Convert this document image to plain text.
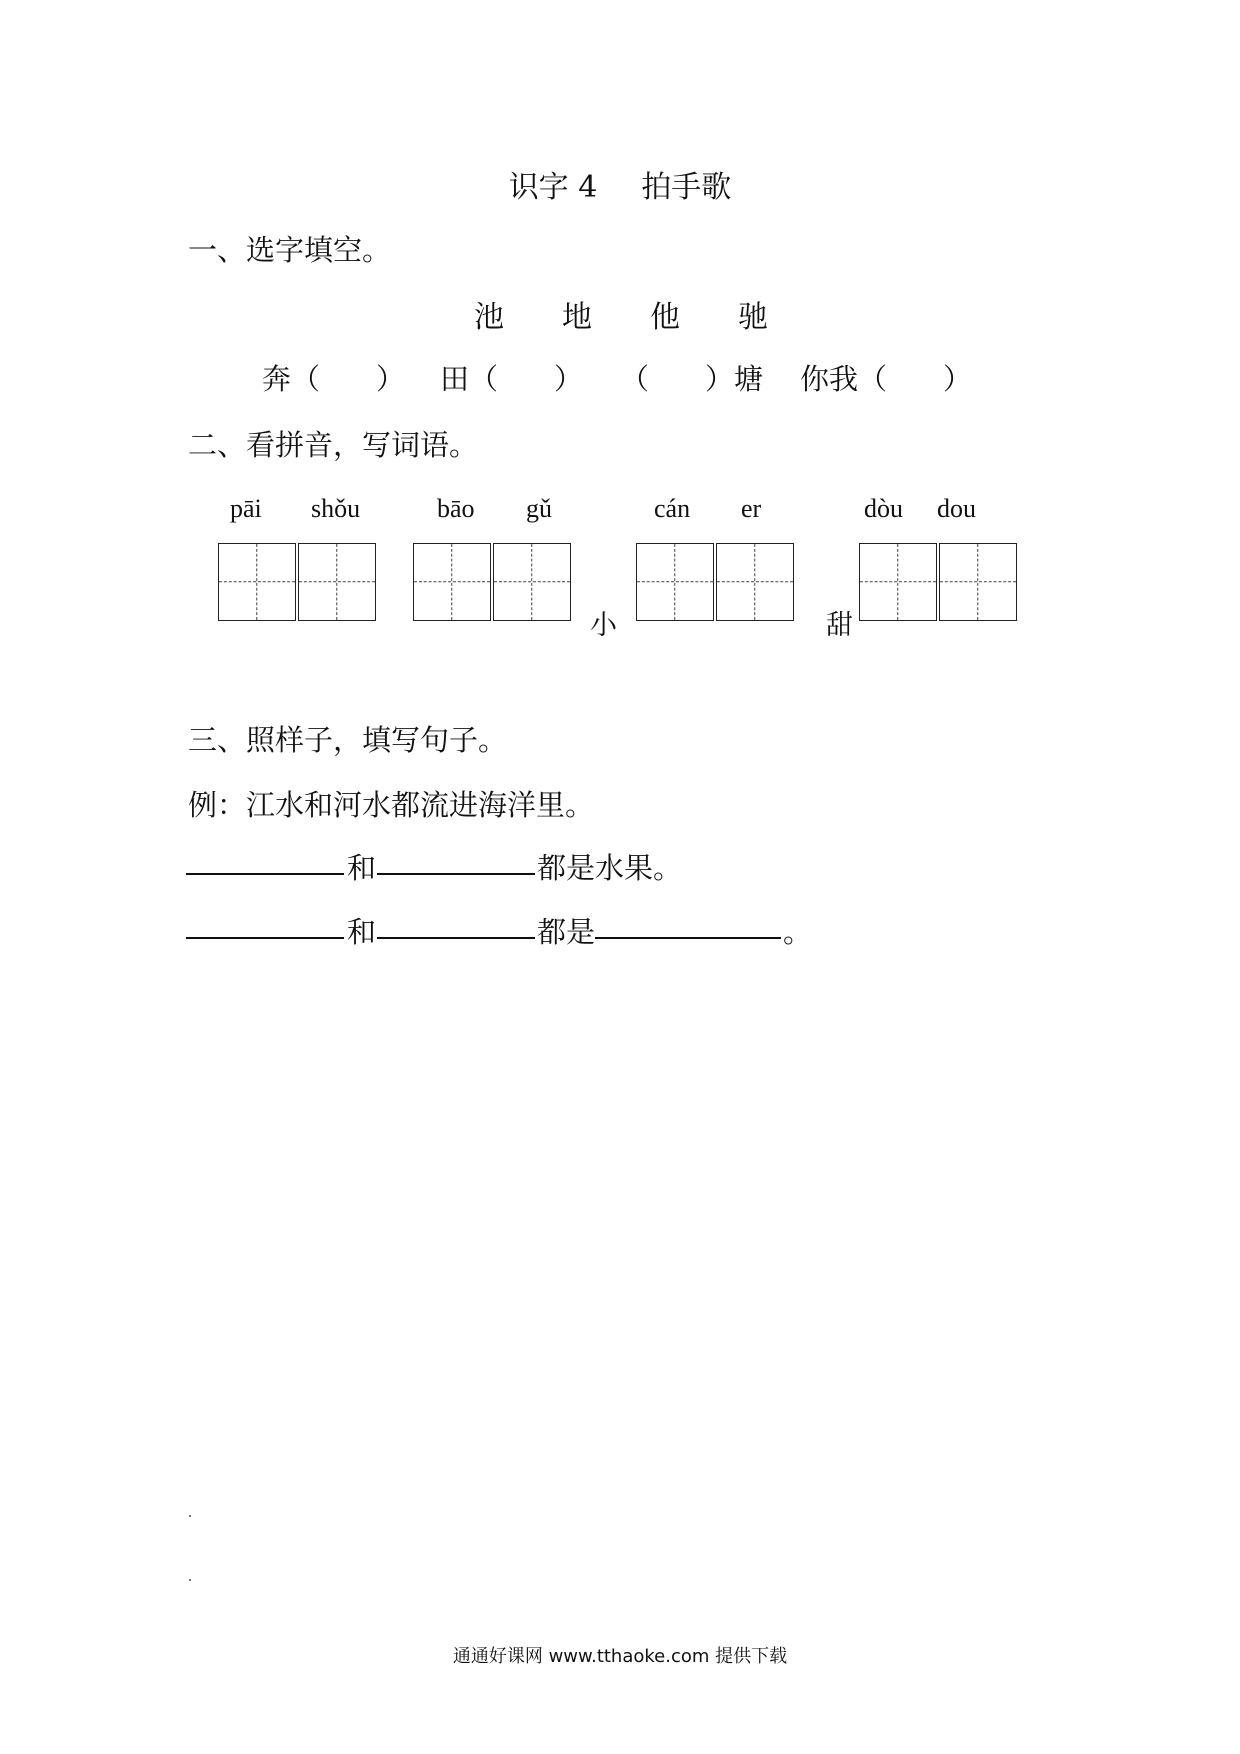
识字 4 拍手歌
一、选字填空。
池 地 他 驰
奔（ ） 田（ ） （ ）塘 你我（ ）
二、看拼音，写词语。
pāi shǒu	bāo gǔ	cán er	dòu dou
小	甜
三、照样子，填写句子。
例：江水和河水都流进海洋里。
和	都是水果。
和	都是	。
通通好课网 www.tthaoke.com 提供下载
